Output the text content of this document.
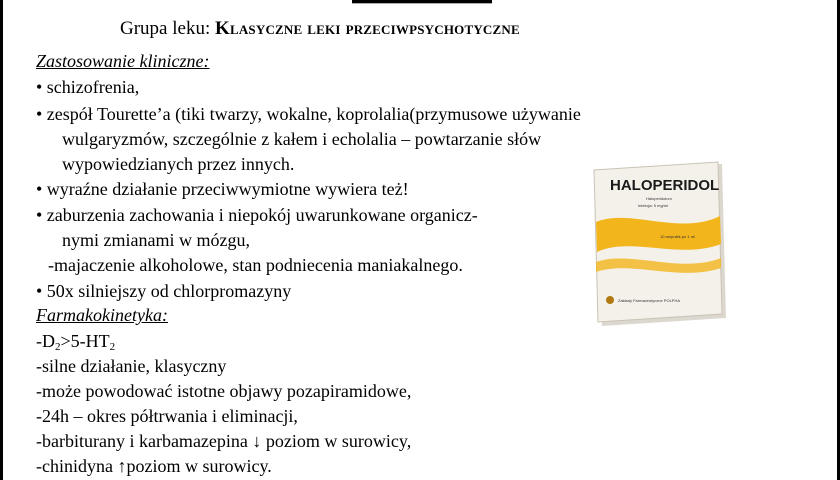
Grupa leku: Klasyczne leki przeciwpsychotyczne
Zastosowanie kliniczne:
• schizofrenia,
• zespół Tourette’a (tiki twarzy, wokalne, koprolalia(przymusowe używanie
wulgaryzmów, szczególnie z kałem i echolalia – powtarzanie słów
wypowiedzianych przez innych.
• wyraźne działanie przeciwwymiotne wywiera też!
• zaburzenia zachowania i niepokój uwarunkowane organicz-
nymi zmianami w mózgu,
-majaczenie alkoholowe, stan podniecenia maniakalnego.
• 50x silniejszy od chlorpromazyny
Farmakokinetyka:
$-D_2>5-HT_2$
-silne działanie, klasyczny
-może powodować istotne objawy pozapiramidowe,
-24h – okres półtrwania i eliminacji,
-barbiturany i karbamazepina ↓ poziom w surowicy,
-chinidyna ↑poziom w surowicy.
HALOPERIDOL
Haloperidolum
Iniekcja: 5 mg/ml
10 ampułek po 1 ml
Zakłady Farmaceutyczne POLPHA
